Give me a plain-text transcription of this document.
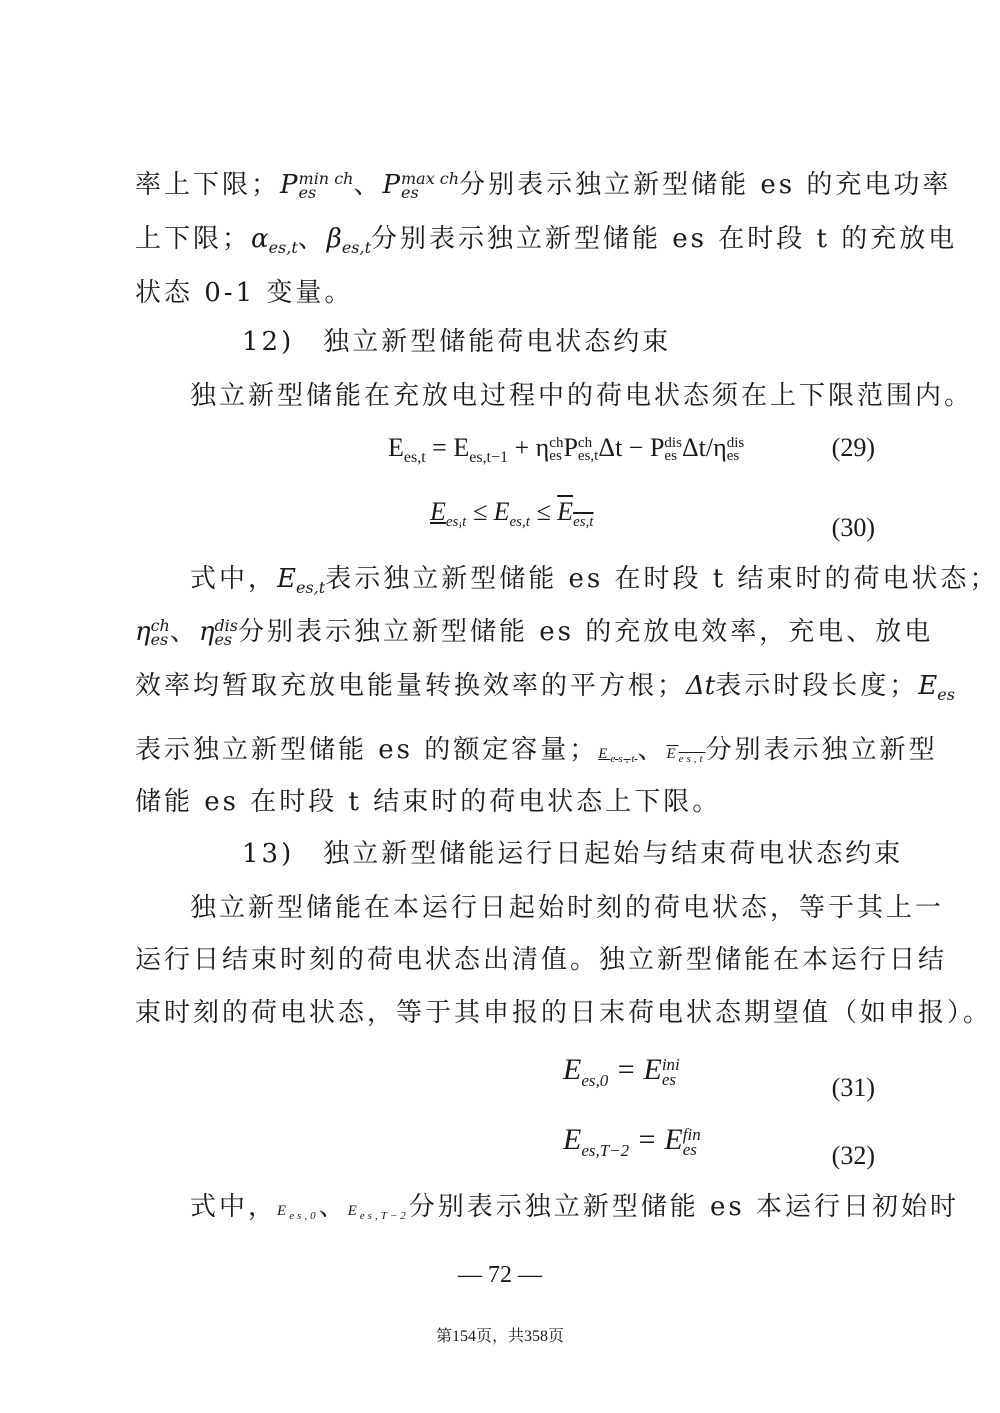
率上下限；P min ch
es	、P max ch
es	分别表示独立新型储能 es 的充电功率
上下限；$\alpha_{es,t}$、$\beta_{es,t}$分别表示独立新型储能 es 在时段 t 的充放电
状态 0-1 变量。
12)　独立新型储能荷电状态约束
独立新型储能在充放电过程中的荷电状态须在上下限范围内。
$E_{es,t} = E_{es,t-1} + \eta$ ch
es P ch
es,t Δt − P dis
es Δt/η dis
es	(29)
$E_{es,t} \le E_{es,t} \le E_{es,t}$	(30)
式中，$E_{es,t}$表示独立新型储能 es 在时段 t 结束时的荷电状态；
η ch
es 、η dis
es 分别表示独立新型储能 es 的充放电效率，充电、放电
效率均暂取充放电能量转换效率的平方根；Δt表示时段长度；$E_{es}$
表示独立新型储能 es 的额定容量；$E_{es,t}$、$E_{es,t}$分别表示独立新型
储能 es 在时段 t 结束时的荷电状态上下限。
13)　独立新型储能运行日起始与结束荷电状态约束
独立新型储能在本运行日起始时刻的荷电状态，等于其上一
运行日结束时刻的荷电状态出清值。独立新型储能在本运行日结
束时刻的荷电状态，等于其申报的日末荷电状态期望值（如申报）。
$E_{es,0} = E$ ini
es	(31)
$E_{es,T-2} = E$ fin
es	(32)
式中，$E_{es,0}$、$E_{es,T-2}$分别表示独立新型储能 es 本运行日初始时
— 72 —
第154页，共358页
